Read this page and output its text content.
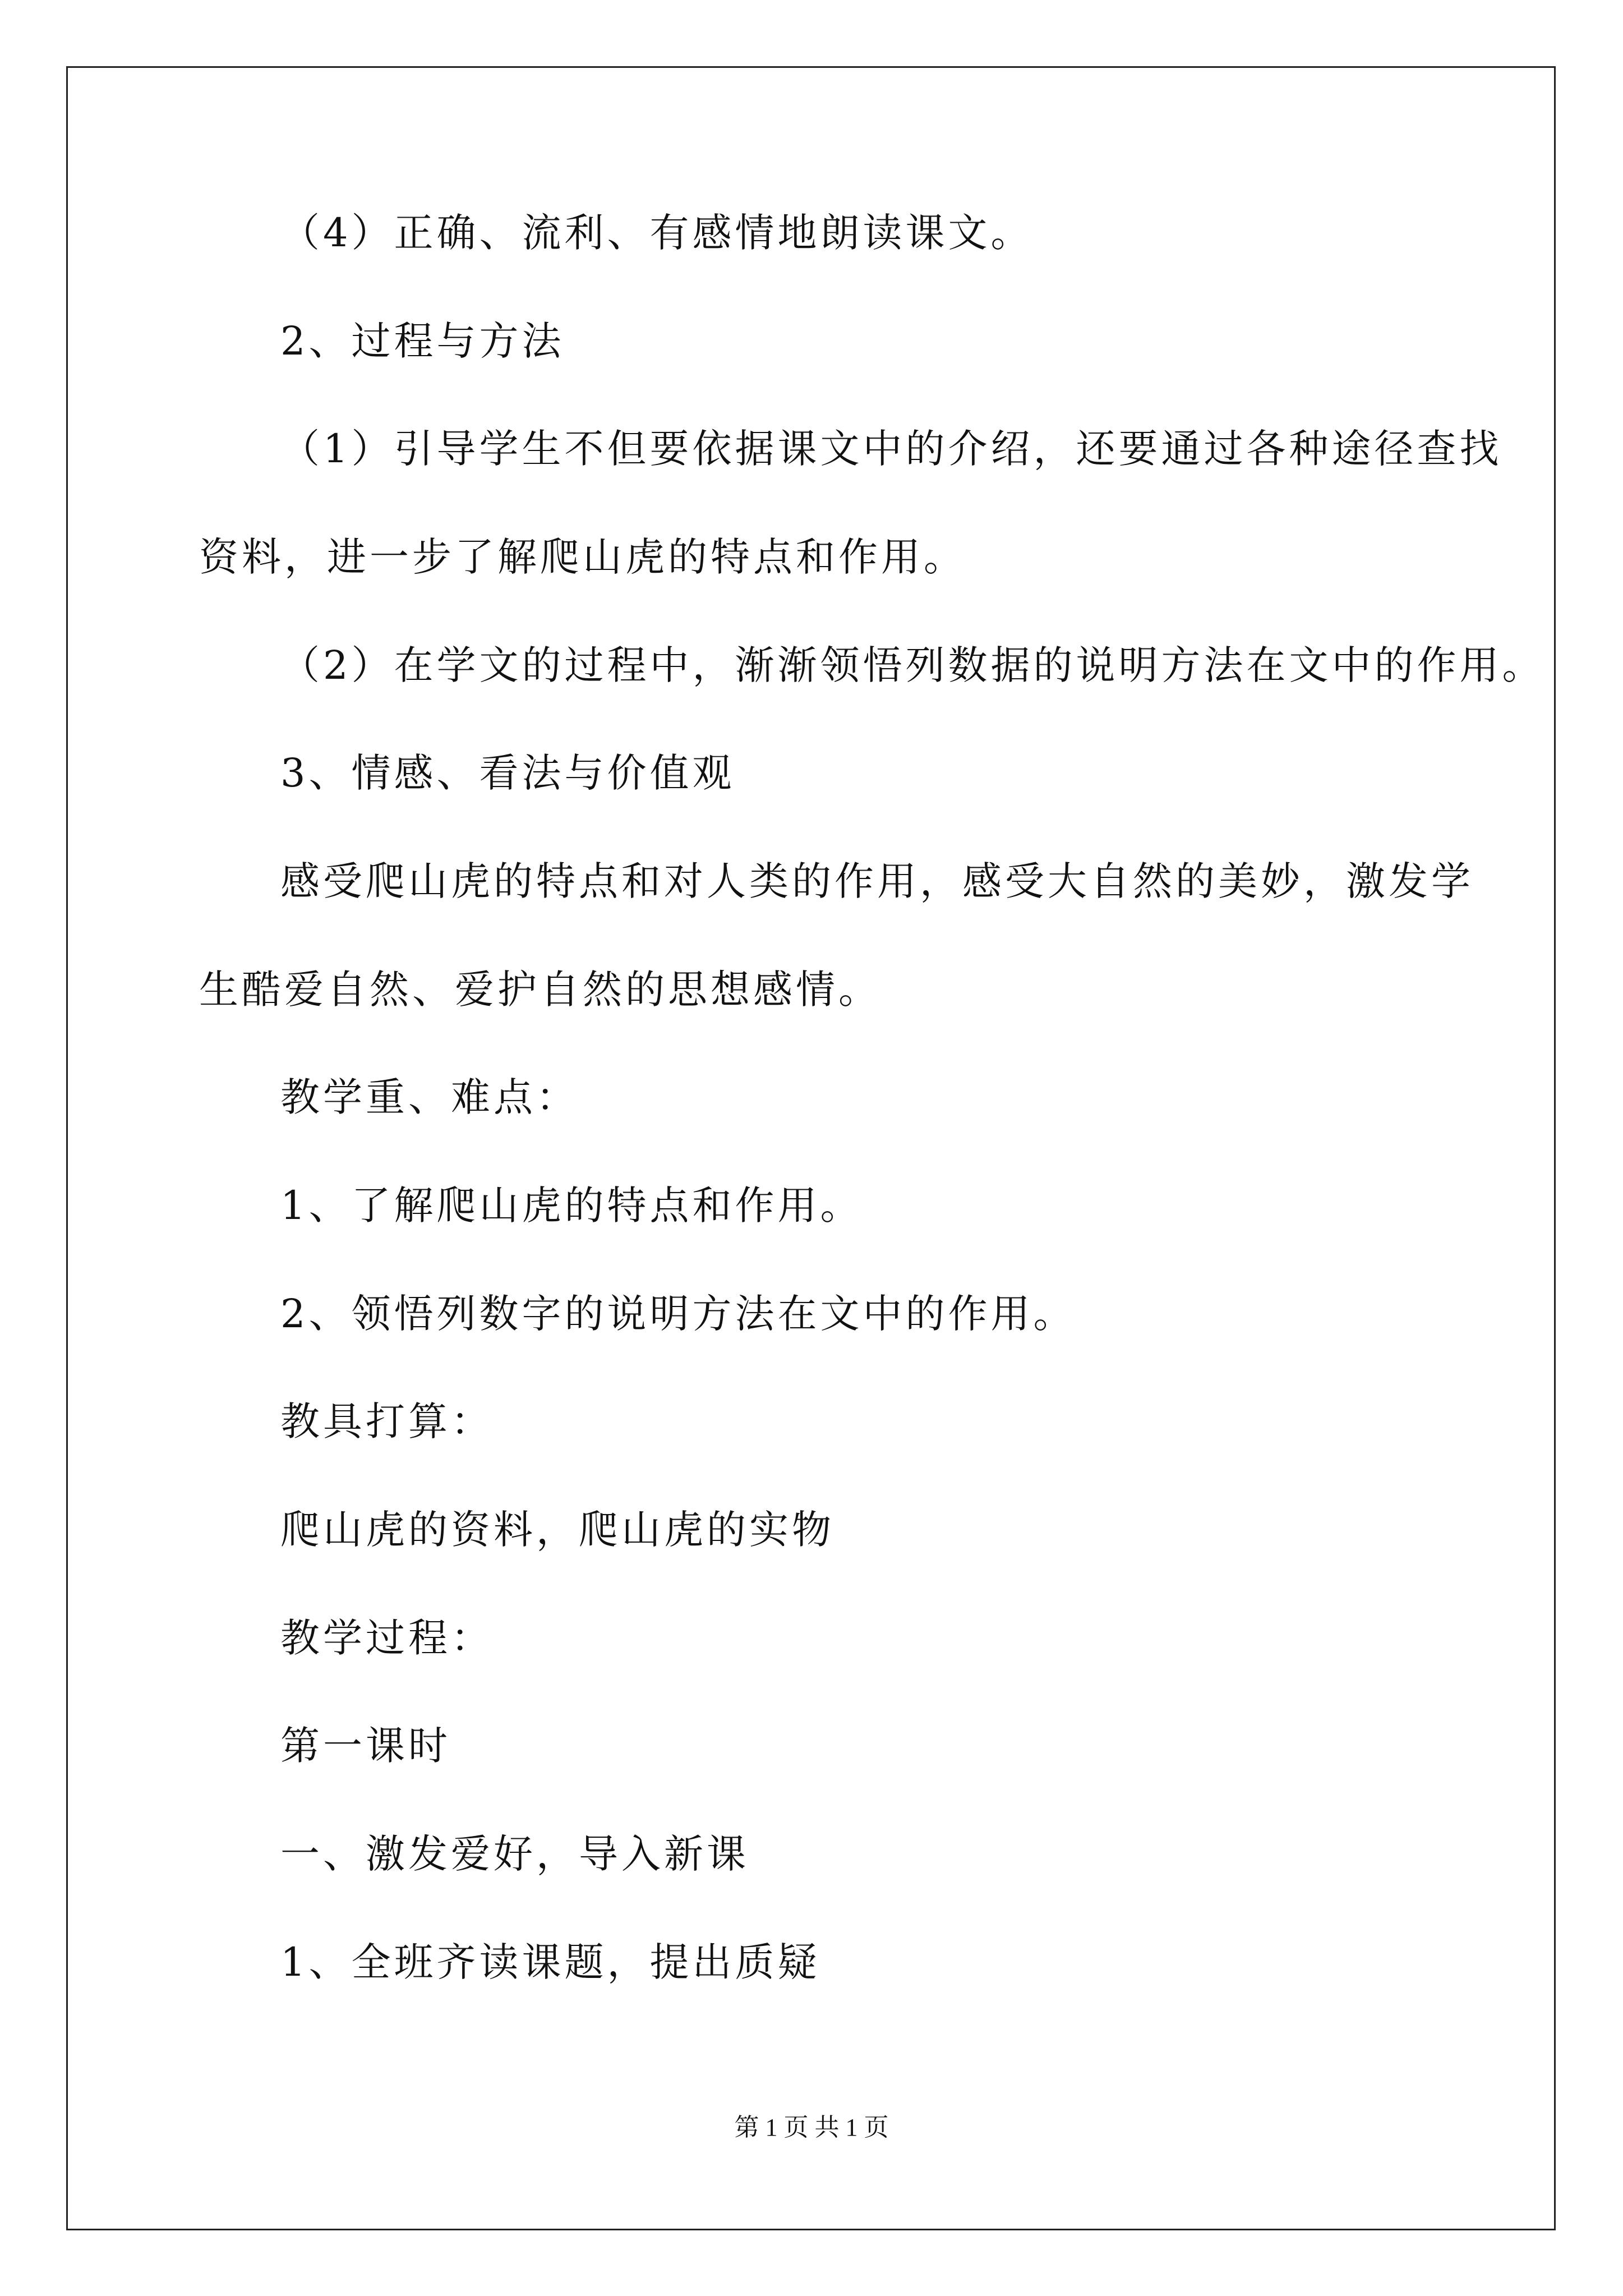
（4）正确、流利、有感情地朗读课文。
2、过程与方法
（1）引导学生不但要依据课文中的介绍，还要通过各种途径查找
资料，进一步了解爬山虎的特点和作用。
（2）在学文的过程中，渐渐领悟列数据的说明方法在文中的作用。
3、情感、看法与价值观
感受爬山虎的特点和对人类的作用，感受大自然的美妙，激发学
生酷爱自然、爱护自然的思想感情。
教学重、难点：
1、了解爬山虎的特点和作用。
2、领悟列数字的说明方法在文中的作用。
教具打算：
爬山虎的资料，爬山虎的实物
教学过程：
第一课时
一、激发爱好，导入新课
1、全班齐读课题，提出质疑
第 1 页 共 1 页
